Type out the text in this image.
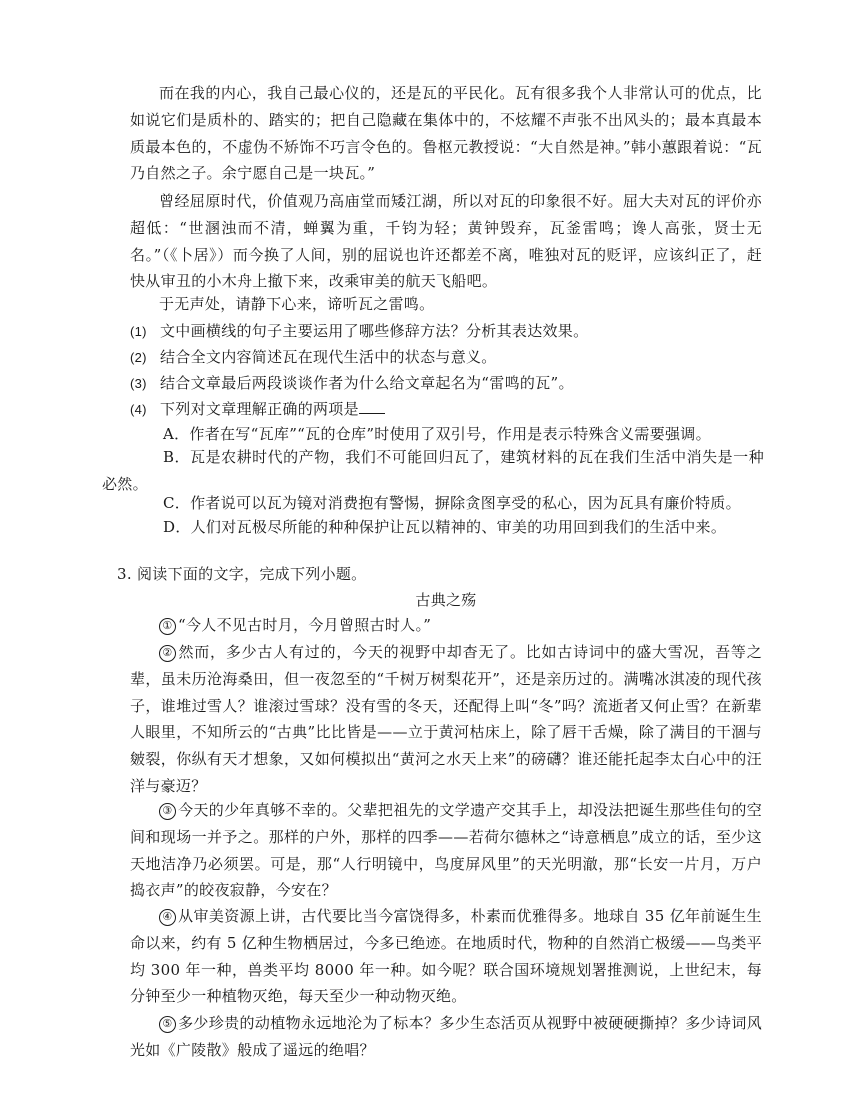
而在我的内心，我自己最心仪的，还是瓦的平民化。瓦有很多我个人非常认可的优点，比如说它们是质朴的、踏实的；把自己隐藏在集体中的，不炫耀不声张不出风头的；最本真最本质最本色的，不虚伪不矫饰不巧言令色的。鲁枢元教授说：“大自然是神。”韩小蕙跟着说：“瓦乃自然之子。余宁愿自己是一块瓦。”
曾经屈原时代，价值观乃高庙堂而矮江湖，所以对瓦的印象很不好。屈大夫对瓦的评价亦超低：“世溷浊而不清，蝉翼为重，千钧为轻；黄钟毁弃，瓦釜雷鸣；谗人高张，贤士无名。”（《卜居》）而今换了人间，别的屈说也许还都差不离，唯独对瓦的贬评，应该纠正了，赶快从审丑的小木舟上撤下来，改乘审美的航天飞船吧。
于无声处，请静下心来，谛听瓦之雷鸣。
(1) 文中画横线的句子主要运用了哪些修辞方法？分析其表达效果。
(2) 结合全文内容简述瓦在现代生活中的状态与意义。
(3) 结合文章最后两段谈谈作者为什么给文章起名为“雷鸣的瓦”。
(4) 下列对文章理解正确的两项是
A．作者在写“瓦库”“瓦的仓库”时使用了双引号，作用是表示特殊含义需要强调。
B．瓦是农耕时代的产物，我们不可能回归瓦了，建筑材料的瓦在我们生活中消失是一种必然。
C．作者说可以瓦为镜对消费抱有警惕，摒除贪图享受的私心，因为瓦具有廉价特质。
D．人们对瓦极尽所能的种种保护让瓦以精神的、审美的功用回到我们的生活中来。
3. 阅读下面的文字，完成下列小题。
古典之殇
① “今人不见古时月，今月曾照古时人。”
② 然而，多少古人有过的，今天的视野中却杳无了。比如古诗词中的盛大雪况，吾等之辈，虽未历沧海桑田，但一夜忽至的“千树万树梨花开”，还是亲历过的。满嘴冰淇凌的现代孩子，谁堆过雪人？谁滚过雪球？没有雪的冬天，还配得上叫“冬”吗？流逝者又何止雪？在新辈人眼里，不知所云的“古典”比比皆是——立于黄河枯床上，除了唇干舌燥，除了满目的干涸与皴裂，你纵有天才想象，又如何模拟出“黄河之水天上来”的磅礴？谁还能托起李太白心中的汪洋与豪迈？
③ 今天的少年真够不幸的。父辈把祖先的文学遗产交其手上，却没法把诞生那些佳句的空间和现场一并予之。那样的户外，那样的四季——若荷尔德林之“诗意栖息”成立的话，至少这天地洁净乃必须罢。可是，那“人行明镜中，鸟度屏风里”的天光明澈，那“长安一片月，万户捣衣声”的皎夜寂静，今安在？
④ 从审美资源上讲，古代要比当今富饶得多，朴素而优雅得多。地球自 35 亿年前诞生生命以来，约有 5 亿种生物栖居过，今多已绝迹。在地质时代，物种的自然消亡极缓——鸟类平均 300 年一种，兽类平均 8000 年一种。如今呢？联合国环境规划署推测说，上世纪末，每分钟至少一种植物灭绝，每天至少一种动物灭绝。
⑤ 多少珍贵的动植物永远地沦为了标本？多少生态活页从视野中被硬硬撕掉？多少诗词风光如《广陵散》般成了遥远的绝唱？
